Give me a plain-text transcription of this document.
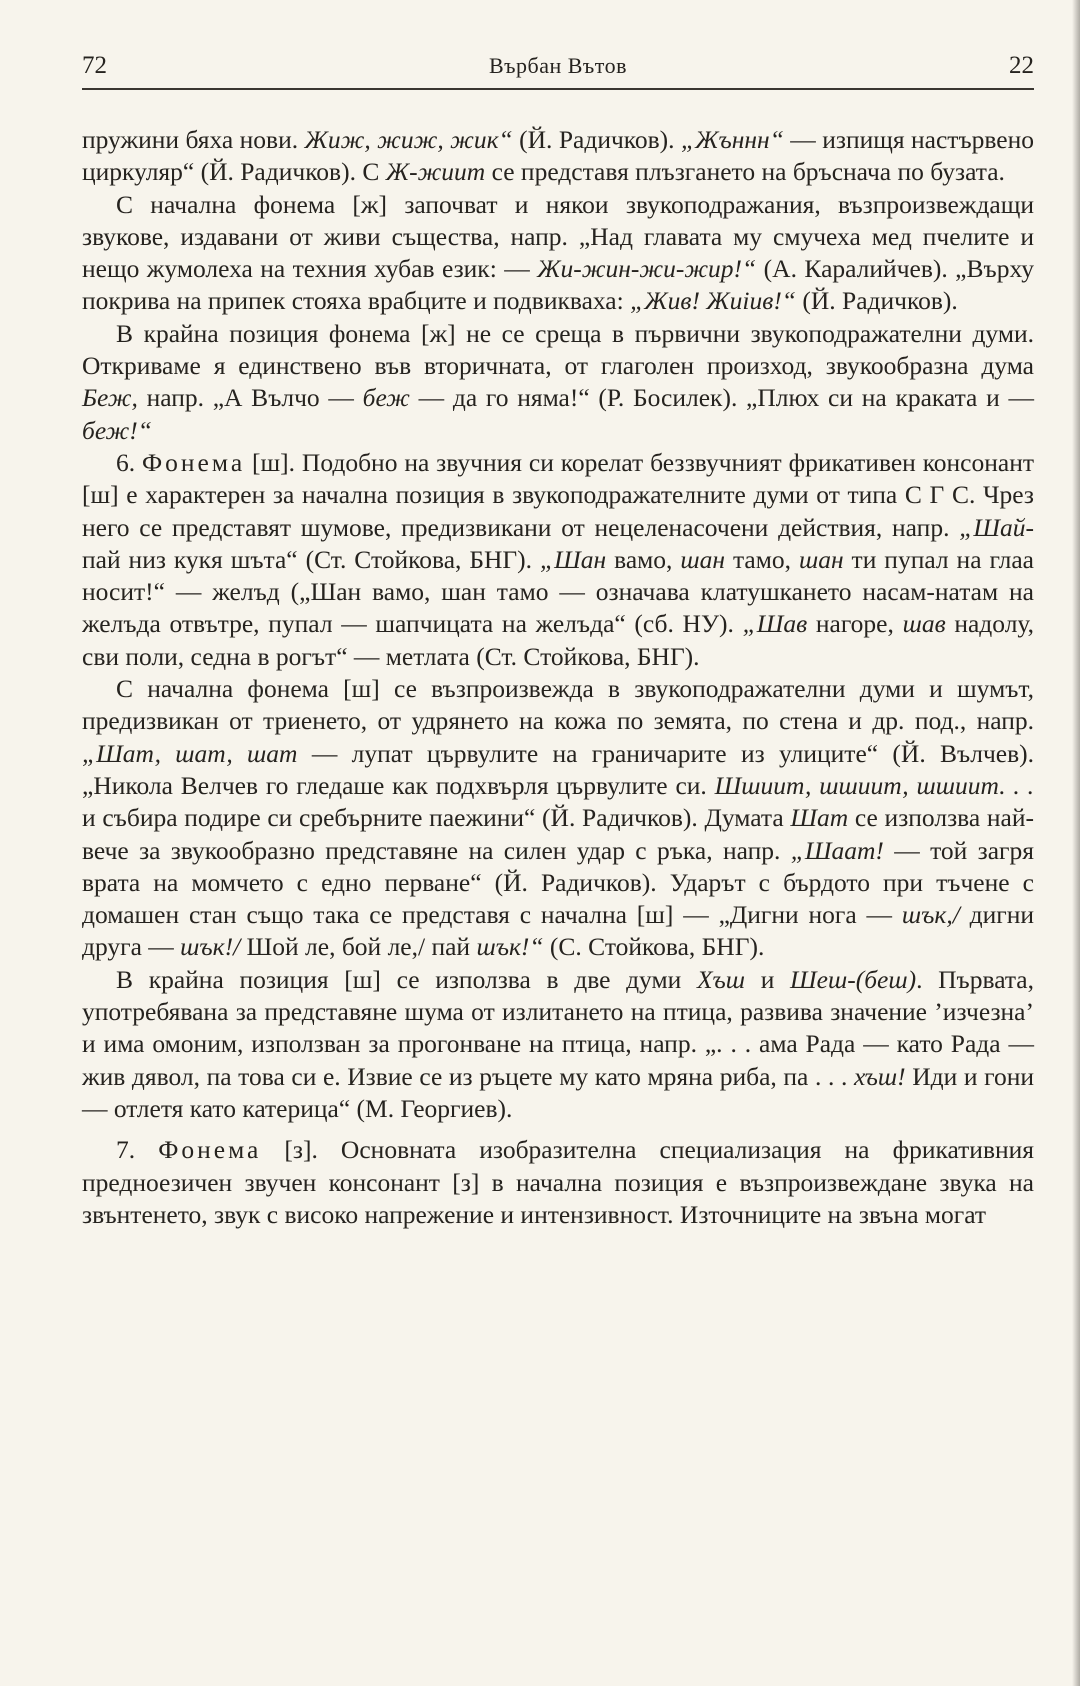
72	Върбан Вътов	22

пружини бяха нови. Жиж, жиж, жик“ (Й. Радичков). „Жъннн“ — изпищя настървено циркуляр“ (Й. Радичков). С Ж-жиит се представя плъзгането на бръснача по бузата.

С начална фонема [ж] започват и някои звукоподражания, възпроизвеждащи звукове, издавани от живи същества, напр. „Над главата му смучеха мед пчелите и нещо жумолеха на техния хубав език: — Жи-жин-жи-жир!“ (А. Каралийчев). „Върху покрива на припек стояха врабците и подвикваха: „Жив! Жиiив!“ (Й. Радичков).

В крайна позиция фонема [ж] не се среща в първични звукоподражателни думи. Откриваме я единствено във вторичната, от глаголен произход, звукообразна дума Беж, напр. „А Вълчо — беж — да го няма!“ (Р. Босилек). „Плюх си на краката и — беж!“

6. Фонема [ш]. Подобно на звучния си корелат беззвучният фрикативен консонант [ш] е характерен за начална позиция в звукоподражателните думи от типа С Г С. Чрез него се представят шумове, предизвикани от нецеленасочени действия, напр. „Шай-пай низ кукя шъта“ (Ст. Стойкова, БНГ). „Шан вамо, шан тамо, шан ти пупал на глаа носит!“ — желъд („Шан вамо, шан тамо — означава клатушкането насам-натам на желъда отвътре, пупал — шапчицата на желъда“ (сб. НУ). „Шав нагоре, шав надолу, сви поли, седна в рогът“ — метлата (Ст. Стойкова, БНГ).

С начална фонема [ш] се възпроизвежда в звукоподражателни думи и шумът, предизвикан от триенето, от удрянето на кожа по земята, по стена и др. под., напр. „Шат, шат, шат — лупат цървулите на граничарите из улиците“ (Й. Вълчев). „Никола Велчев го гледаше как подхвърля цървулите си. Шшиит, шшиит, шшиит. . . и събира подире си сребърните паежини“ (Й. Радичков). Думата Шат се използва най-вече за звукообразно представяне на силен удар с ръка, напр. „Шаат! — той загря врата на момчето с едно перване“ (Й. Радичков). Ударът с бърдото при тъчене с домашен стан също така се представя с начална [ш] — „Дигни нога — шък,/ дигни друга — шък!/ Шой ле, бой ле,/ пай шък!“ (С. Стойкова, БНГ).

В крайна позиция [ш] се използва в две думи Хъш и Шеш-(беш). Първата, употребявана за представяне шума от излитането на птица, развива значение ’изчезна’ и има омоним, използван за прогонване на птица, напр. „. . . ама Рада — като Рада — жив дявол, па това си е. Извие се из ръцете му като мряна риба, па . . . хъш! Иди и гони — отлетя като катерица“ (М. Георгиев).

7. Фонема [з]. Основната изобразителна специализация на фрикативния предноезичен звучен консонант [з] в начална позиция е възпроизвеждане звука на звънтенето, звук с високо напрежение и интензивност. Източниците на звъна могат
